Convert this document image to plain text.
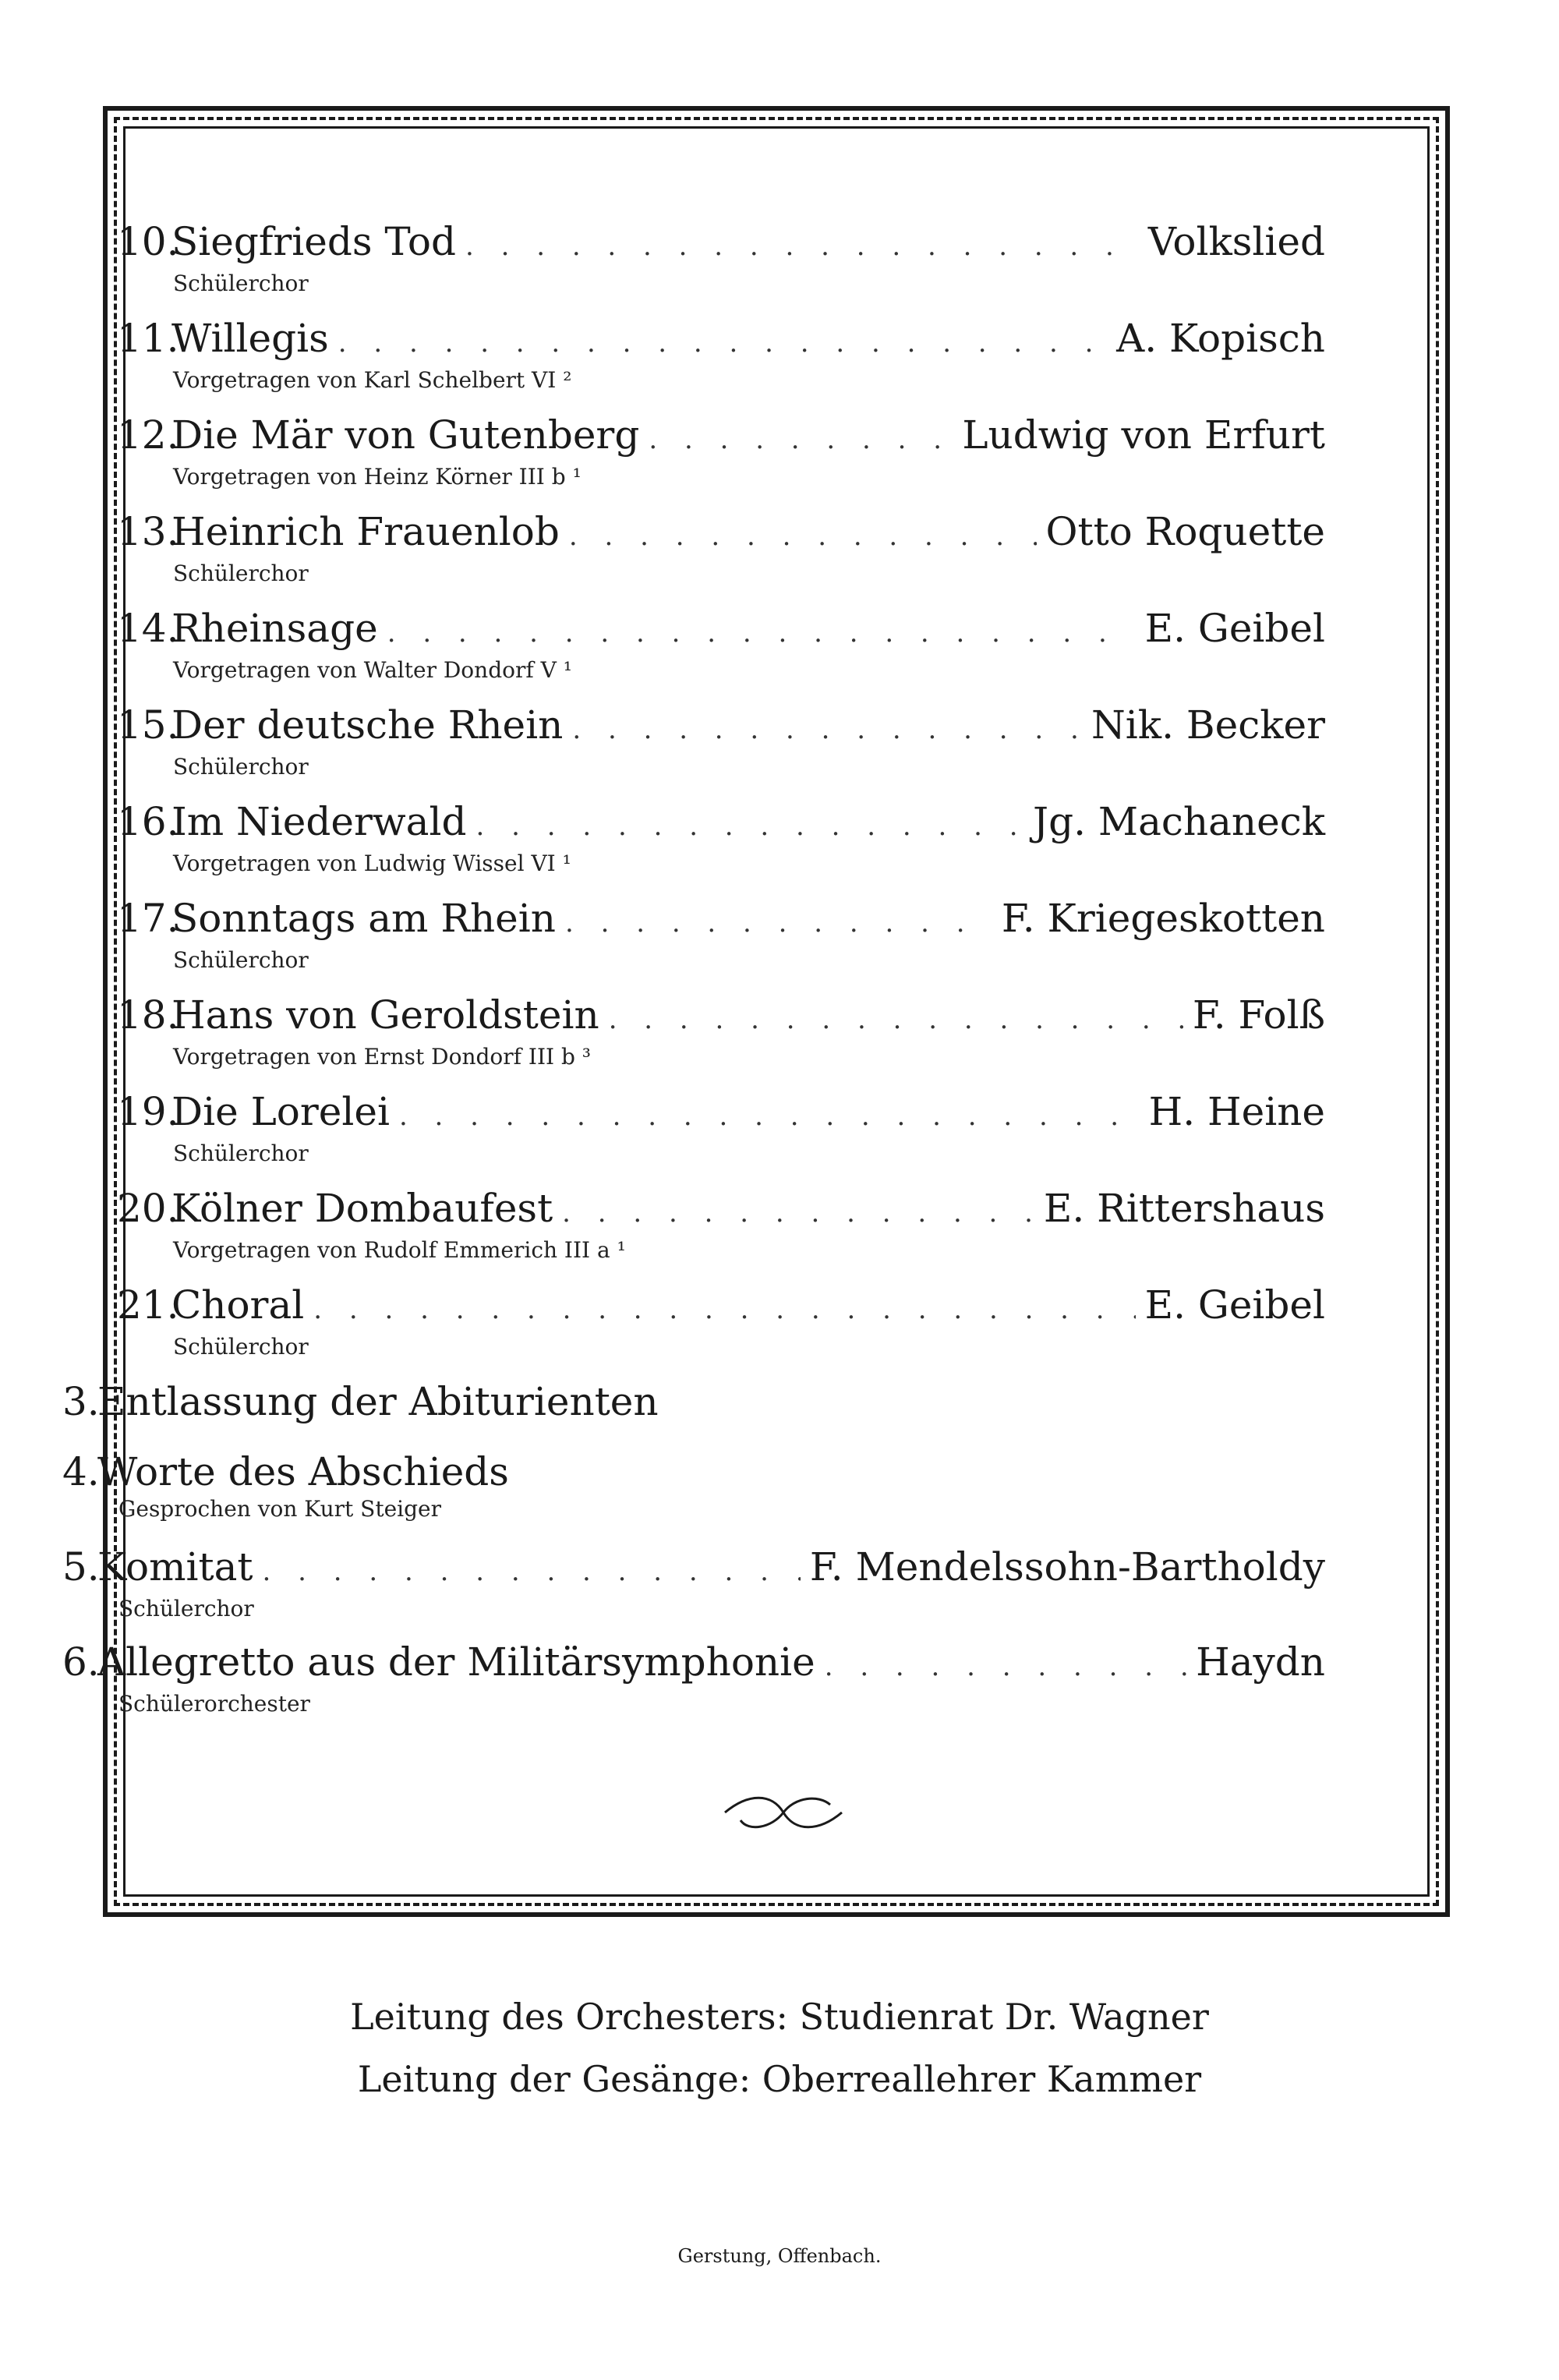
10.
Siegfrieds Tod . . .	Volkslied
Schülerchor
11.
Willegis . . .	A. Kopisch
Vorgetragen von Karl Schelbert VI ²
12.
Die Mär von Gutenberg . . .	Ludwig von Erfurt
Vorgetragen von Heinz Körner III b ¹
13.
Heinrich Frauenlob . . .	Otto Roquette
Schülerchor
14.
Rheinsage . . .	E. Geibel
Vorgetragen von Walter Dondorf V ¹
15.
Der deutsche Rhein . . .	Nik. Becker
Schülerchor
16.
Im Niederwald . . .	Jg. Machaneck
Vorgetragen von Ludwig Wissel VI ¹
17.
Sonntags am Rhein . . .	F. Kriegeskotten
Schülerchor
18.
Hans von Geroldstein . . .	F. Folß
Vorgetragen von Ernst Dondorf III b ³
19.
Die Lorelei . . .	H. Heine
Schülerchor
20.
Kölner Dombaufest . . .	E. Rittershaus
Vorgetragen von Rudolf Emmerich III a ¹
21.
Choral . . .	E. Geibel
Schülerchor
3.
Entlassung der Abiturienten
4.
Worte des Abschieds
Gesprochen von Kurt Steiger
5.
Komitat . . .	F. Mendelssohn-Bartholdy
Schülerchor
6.
Allegretto aus der Militärsymphonie . . .	Haydn
Schülerorchester
Leitung des Orchesters: Studienrat Dr. Wagner
Leitung der Gesänge: Oberreallehrer Kammer
Gerstung, Offenbach.
